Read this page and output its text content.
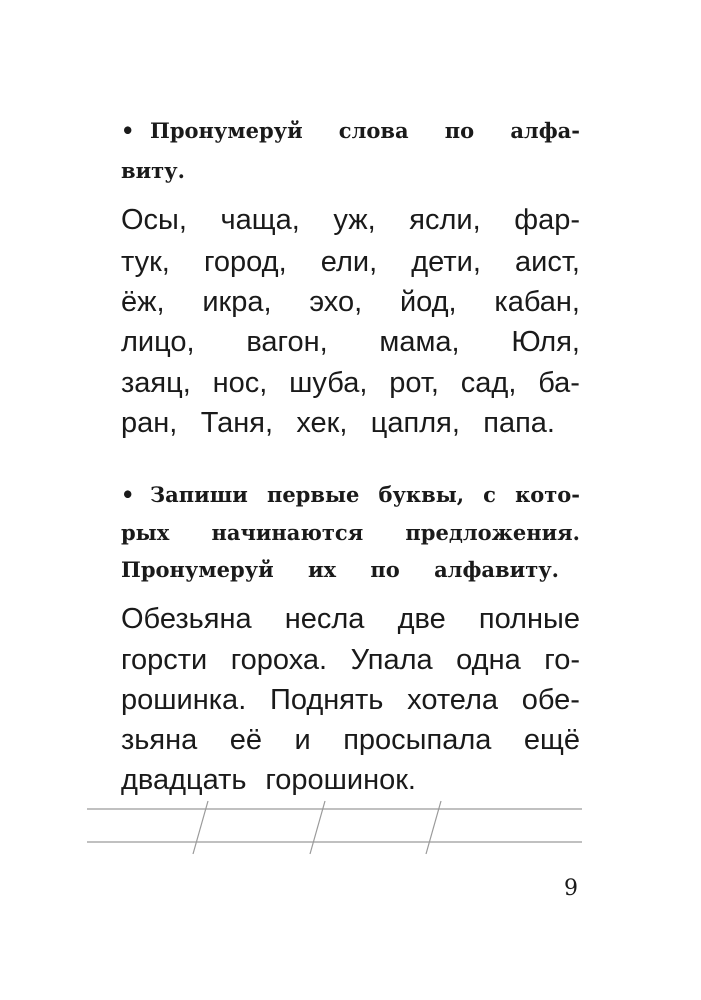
• Пронумеруй слова по алфа-
виту.
Осы, чаща, уж, ясли, фар-
тук, город, ели, дети, аист,
ёж, икра, эхо, йод, кабан,
лицо, вагон, мама, Юля,
заяц, нос, шуба, рот, сад, ба-
ран, Таня, хек, цапля, папа.
• Запиши первые буквы, с кото-
рых начинаются предложения.
Пронумеруй их по алфавиту.
Обезьяна несла две полные
горсти гороха. Упала одна го-
рошинка. Поднять хотела обе-
зьяна её и просыпала ещё
двадцать горошинок.
9
